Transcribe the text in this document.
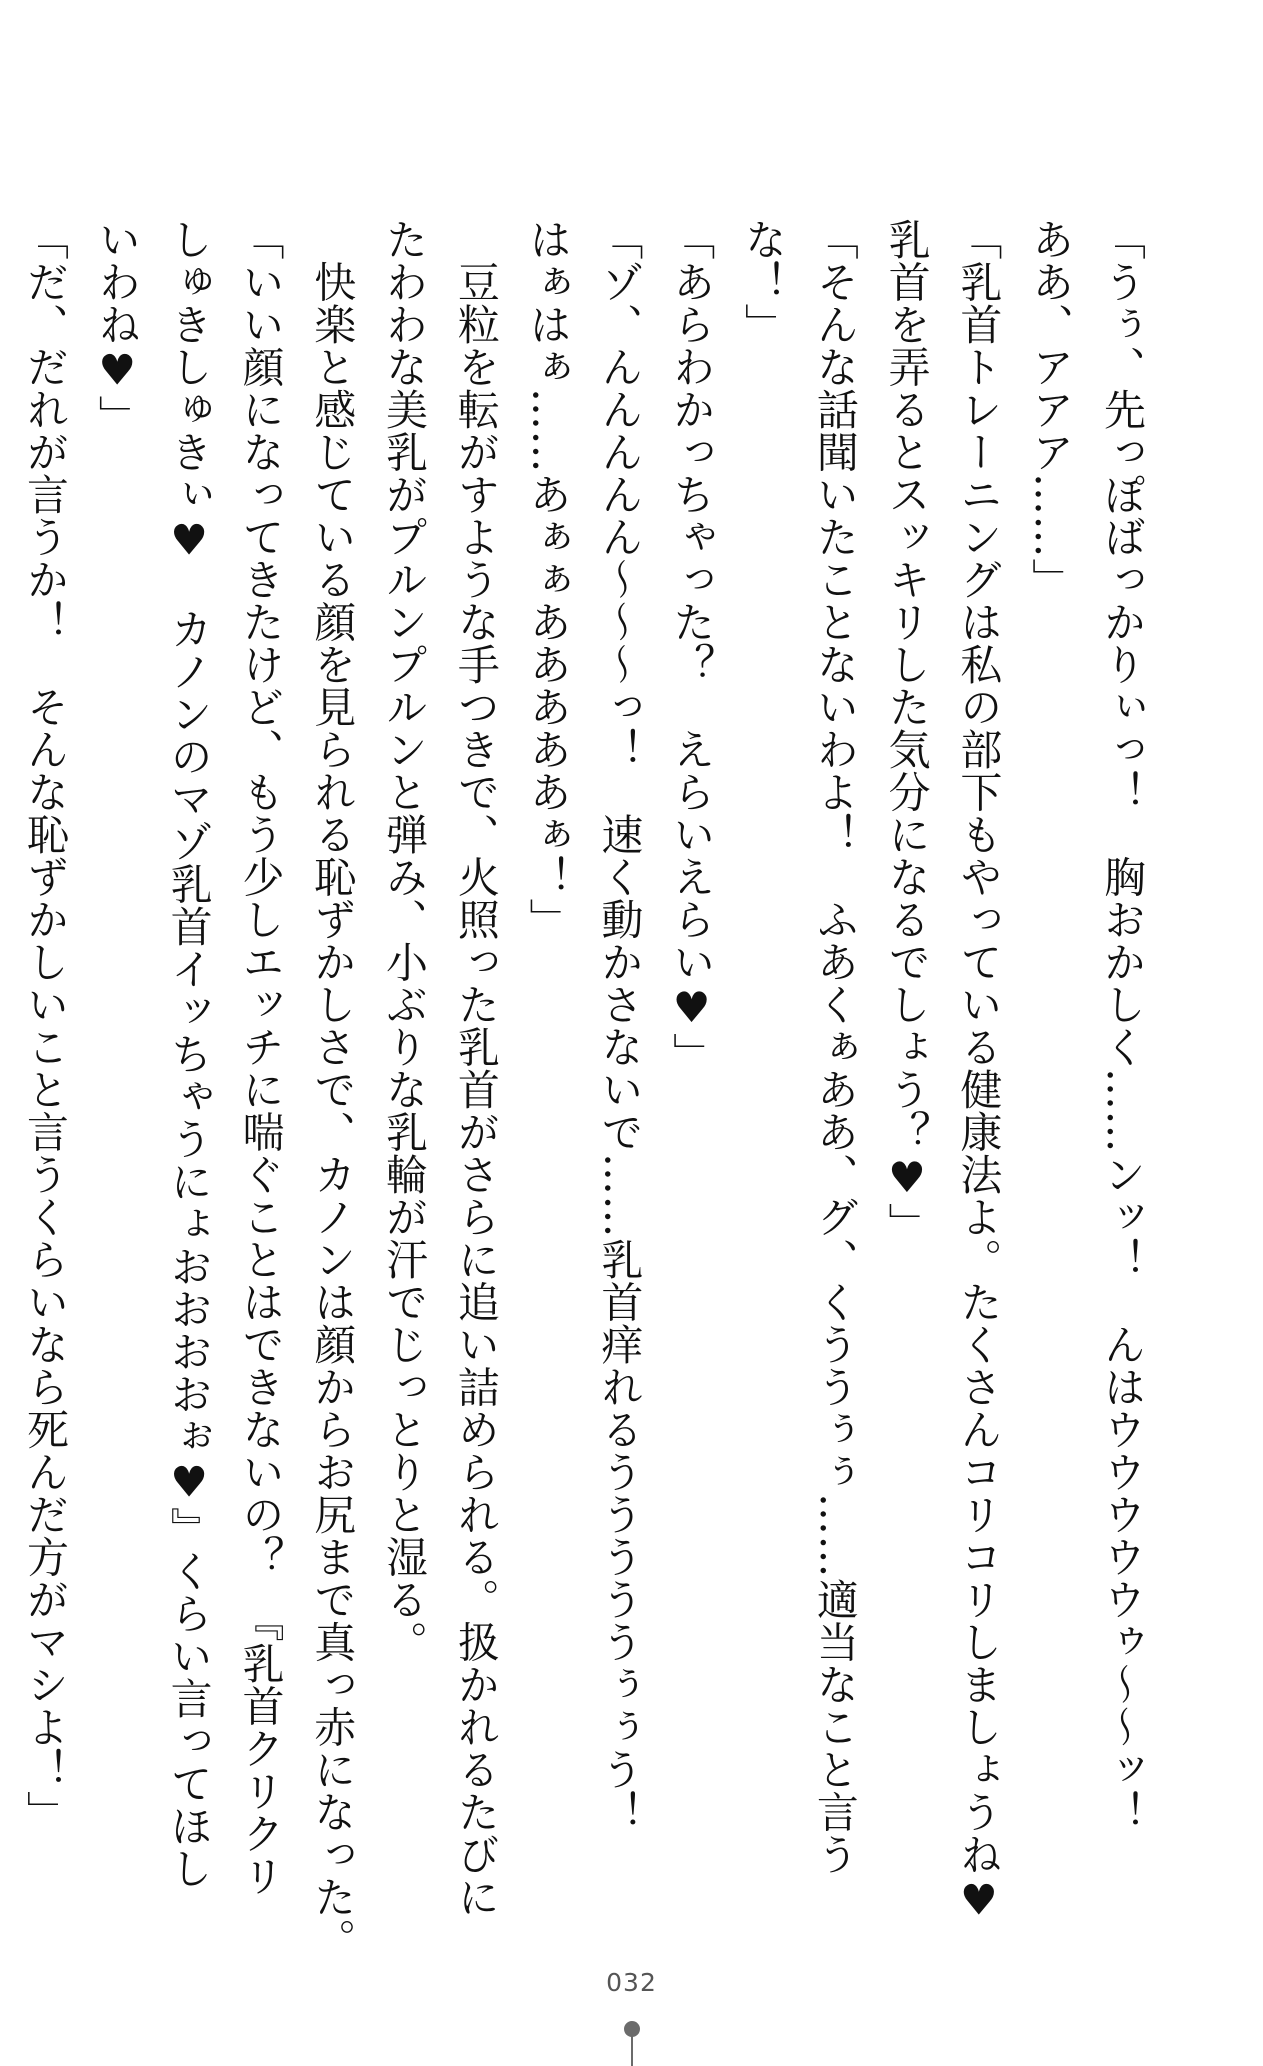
「うぅ、先っぽばっかりぃっ！　胸おかしく……ンッ！　んはウウウウウゥ～～ッ！
ああ、アアア……」
「乳首トレーニングは私の部下もやっている健康法よ。たくさんコリコリしましょうね♥
乳首を弄るとスッキリした気分になるでしょう？♥」
「そんな話聞いたことないわよ！　ふあくぁああ、グ、くううぅぅ……適当なこと言う
な！」
「あらわかっちゃった？　えらいえらい♥」
「ゾ、んんんんん～～～っ！　速く動かさないで……乳首痒れるうううううぅぅう！
はぁはぁ……あぁぁあああああぁ！」
　豆粒を転がすような手つきで、火照った乳首がさらに追い詰められる。扱かれるたびに
たわわな美乳がプルンプルンと弾み、小ぶりな乳輪が汗でじっとりと湿る。
　快楽と感じている顔を見られる恥ずかしさで、カノンは顔からお尻まで真っ赤になった。
「いい顔になってきたけど、もう少しエッチに喘ぐことはできないの？　『乳首クリクリ
しゅきしゅきぃ♥　カノンのマゾ乳首イッちゃうにょおおおおぉ♥』くらい言ってほし
いわね♥」
「だ、だれが言うか！　そんな恥ずかしいこと言うくらいなら死んだ方がマシよ！」
032
